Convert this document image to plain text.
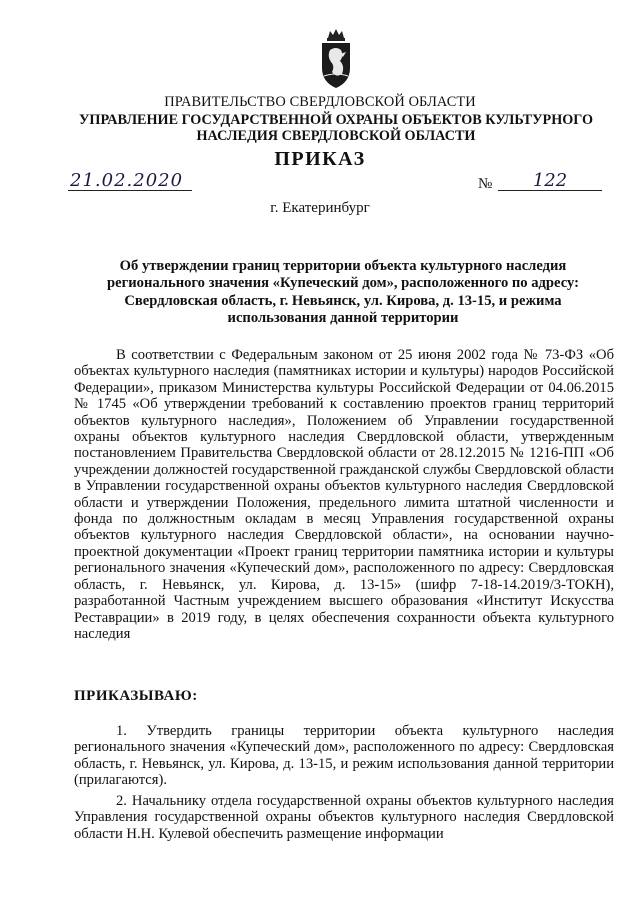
ПРАВИТЕЛЬСТВО СВЕРДЛОВСКОЙ ОБЛАСТИ
УПРАВЛЕНИЕ ГОСУДАРСТВЕННОЙ ОХРАНЫ ОБЪЕКТОВ КУЛЬТУРНОГО НАСЛЕДИЯ СВЕРДЛОВСКОЙ ОБЛАСТИ
ПРИКАЗ
21.02.2020	№	122
г. Екатеринбург
Об утверждении границ территории объекта культурного наследия регионального значения «Купеческий дом», расположенного по адресу: Свердловская область, г. Невьянск, ул. Кирова, д. 13-15, и режима использования данной территории

В соответствии с Федеральным законом от 25 июня 2002 года № 73-ФЗ «Об объектах культурного наследия (памятниках истории и культуры) народов Российской Федерации», приказом Министерства культуры Российской Федерации от 04.06.2015 № 1745 «Об утверждении требований к составлению проектов границ территорий объектов культурного наследия», Положением об Управлении государственной охраны объектов культурного наследия Свердловской области, утвержденным постановлением Правительства Свердловской области от 28.12.2015 № 1216-ПП «Об учреждении должностей государственной гражданской службы Свердловской области в Управлении государственной охраны объектов культурного наследия Свердловской области и утверждении Положения, предельного лимита штатной численности и фонда по должностным окладам в месяц Управления государственной охраны объектов культурного наследия Свердловской области», на основании научно-проектной документации «Проект границ территории памятника истории и культуры регионального значения «Купеческий дом», расположенного по адресу: Свердловская область, г. Невьянск, ул. Кирова, д. 13-15» (шифр 7-18-14.2019/3-ТОКН), разработанной Частным учреждением высшего образования «Институт Искусства Реставрации» в 2019 году, в целях обеспечения сохранности объекта культурного наследия

ПРИКАЗЫВАЮ:

1. Утвердить границы территории объекта культурного наследия регионального значения «Купеческий дом», расположенного по адресу: Свердловская область, г. Невьянск, ул. Кирова, д. 13-15, и режим использования данной территории (прилагаются).

2. Начальнику отдела государственной охраны объектов культурного наследия Управления государственной охраны объектов культурного наследия Свердловской области Н.Н. Кулевой обеспечить размещение информации
